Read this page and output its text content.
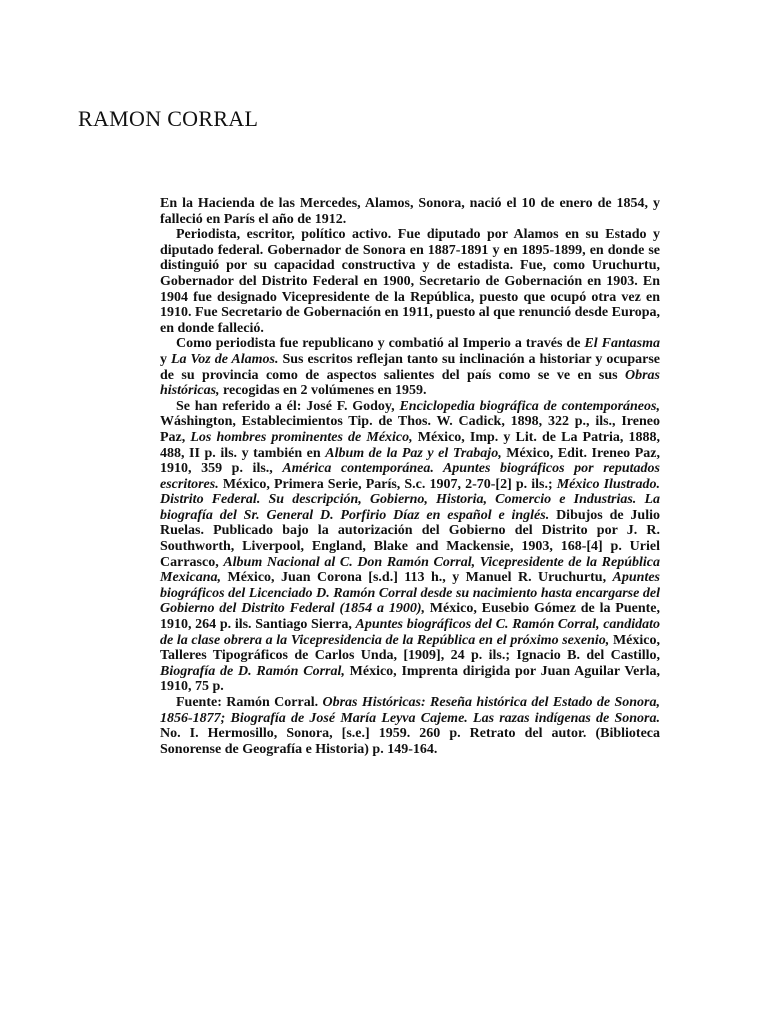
RAMON CORRAL

En la Hacienda de las Mercedes, Alamos, Sonora, nació el 10 de enero de 1854, y falleció en París el año de 1912.

Periodista, escritor, político activo. Fue diputado por Alamos en su Estado y diputado federal. Gobernador de Sonora en 1887-1891 y en 1895-1899, en donde se distinguió por su capacidad constructiva y de estadista. Fue, como Uruchurtu, Gobernador del Distrito Federal en 1900, Secretario de Gobernación en 1903. En 1904 fue designado Vicepresidente de la República, puesto que ocupó otra vez en 1910. Fue Secretario de Gobernación en 1911, puesto al que renunció desde Europa, en donde falleció.

Como periodista fue republicano y combatió al Imperio a través de El Fantasma y La Voz de Alamos. Sus escritos reflejan tanto su inclinación a historiar y ocuparse de su provincia como de aspectos salientes del país como se ve en sus Obras históricas, recogidas en 2 volúmenes en 1959.

Se han referido a él: José F. Godoy, Enciclopedia biográfica de contemporáneos, Wáshington, Establecimientos Tip. de Thos. W. Cadick, 1898, 322 p., ils., Ireneo Paz, Los hombres prominentes de México, México, Imp. y Lit. de La Patria, 1888, 488, II p. ils. y también en Album de la Paz y el Trabajo, México, Edit. Ireneo Paz, 1910, 359 p. ils., América contemporánea. Apuntes biográficos por reputados escritores. México, Primera Serie, París, S.c. 1907, 2-70-[2] p. ils.; México Ilustrado. Distrito Federal. Su descripción, Gobierno, Historia, Comercio e Industrias. La biografía del Sr. General D. Porfirio Díaz en español e inglés. Dibujos de Julio Ruelas. Publicado bajo la autorización del Gobierno del Distrito por J. R. Southworth, Liverpool, England, Blake and Mackensie, 1903, 168-[4] p. Uriel Carrasco, Album Nacional al C. Don Ramón Corral, Vicepresidente de la República Mexicana, México, Juan Corona [s.d.] 113 h., y Manuel R. Uruchurtu, Apuntes biográficos del Licenciado D. Ramón Corral desde su nacimiento hasta encargarse del Gobierno del Distrito Federal (1854 a 1900), México, Eusebio Gómez de la Puente, 1910, 264 p. ils. Santiago Sierra, Apuntes biográficos del C. Ramón Corral, candidato de la clase obrera a la Vicepresidencia de la República en el próximo sexenio, México, Talleres Tipográficos de Carlos Unda, [1909], 24 p. ils.; Ignacio B. del Castillo, Biografía de D. Ramón Corral, México, Imprenta dirigida por Juan Aguilar Verla, 1910, 75 p.

Fuente: Ramón Corral. Obras Históricas: Reseña histórica del Estado de Sonora, 1856-1877; Biografía de José María Leyva Cajeme. Las razas indígenas de Sonora. No. I. Hermosillo, Sonora, [s.e.] 1959. 260 p. Retrato del autor. (Biblioteca Sonorense de Geografía e Historia) p. 149-164.
